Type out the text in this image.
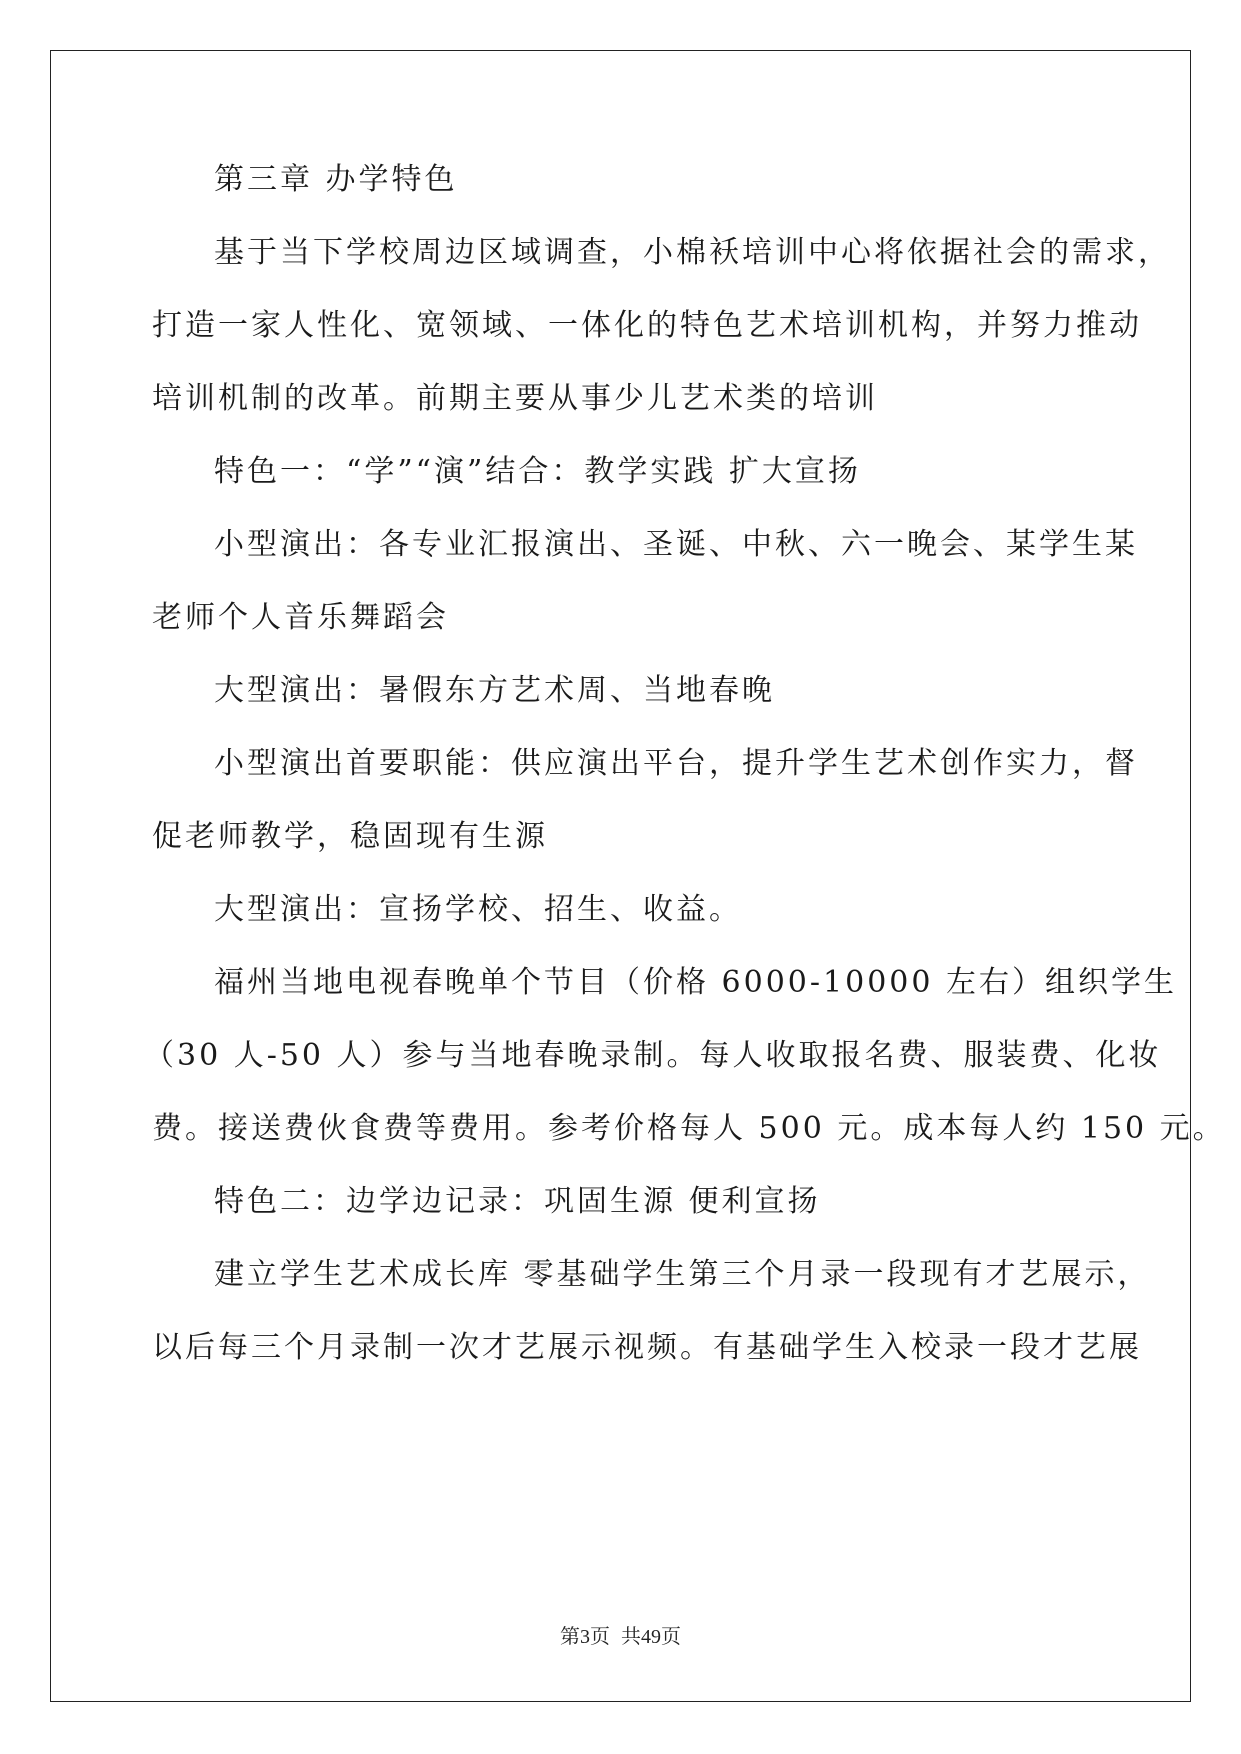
第三章 办学特色
基于当下学校周边区域调查，小棉袄培训中心将依据社会的需求，
打造一家人性化、宽领域、一体化的特色艺术培训机构，并努力推动
培训机制的改革。前期主要从事少儿艺术类的培训
特色一：“学”“演”结合：教学实践 扩大宣扬
小型演出：各专业汇报演出、圣诞、中秋、六一晚会、某学生某
老师个人音乐舞蹈会
大型演出：暑假东方艺术周、当地春晚
小型演出首要职能：供应演出平台，提升学生艺术创作实力，督
促老师教学，稳固现有生源
大型演出：宣扬学校、招生、收益。
福州当地电视春晚单个节目（价格 6000-10000 左右）组织学生
（30 人-50 人）参与当地春晚录制。每人收取报名费、服装费、化妆
费。接送费伙食费等费用。参考价格每人 500 元。成本每人约 150 元。
特色二：边学边记录：巩固生源 便利宣扬
建立学生艺术成长库 零基础学生第三个月录一段现有才艺展示，
以后每三个月录制一次才艺展示视频。有基础学生入校录一段才艺展
第3页 共49页
